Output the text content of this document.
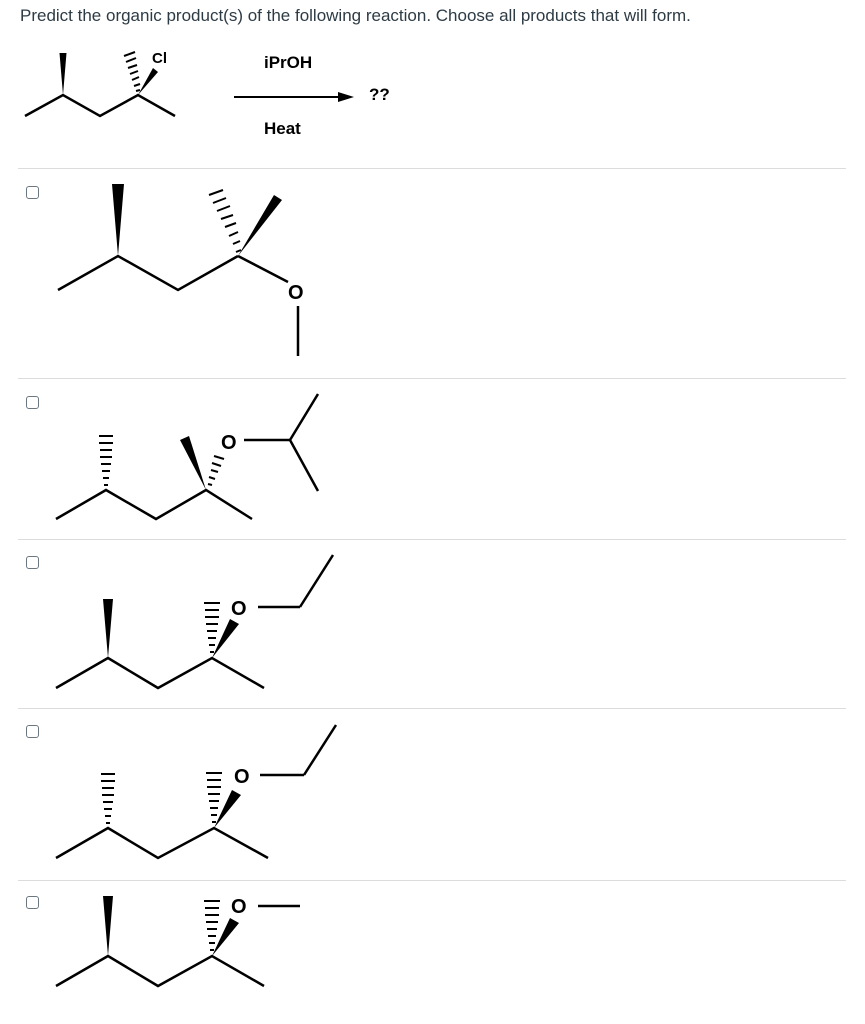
Predict the organic product(s) of the following reaction. Choose all products that will form.

Cl	iPrOH
Heat
??
O
O
O
O
O
